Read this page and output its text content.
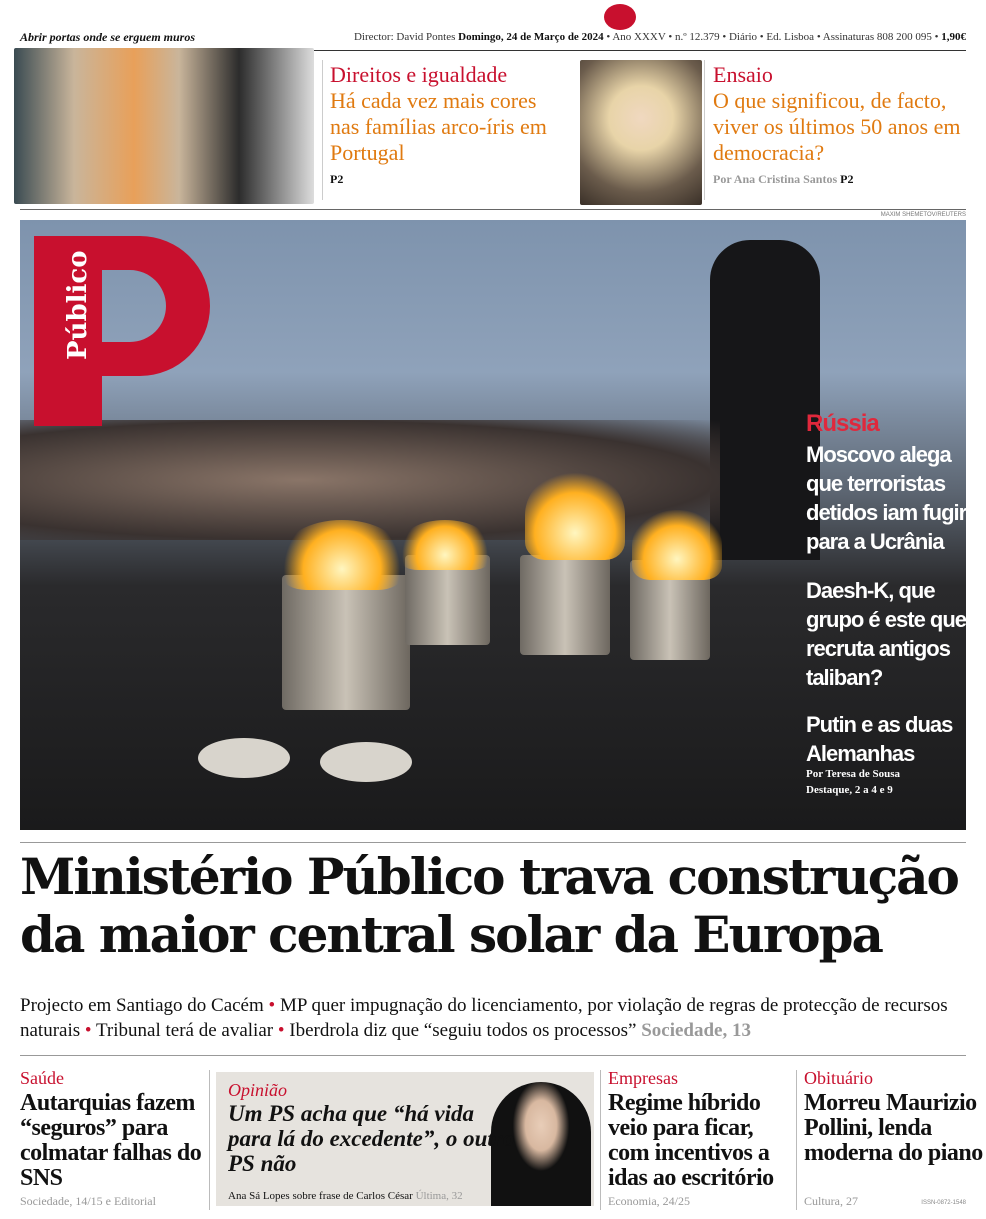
Abrir portas onde se erguem muros	Director: David Pontes Domingo, 24 de Março de 2024 • Ano XXXV • n.º 12.379 • Diário • Ed. Lisboa • Assinaturas 808 200 095 • 1,90€
Direitos e igualdade
Há cada vez mais cores nas famílias arco-íris em Portugal
P2
Ensaio
O que significou, de facto, viver os últimos 50 anos em democracia?
Por Ana Cristina Santos P2
MAXIM SHEMETOV/REUTERS
Público
Rússia
Moscovo alega que terroristas detidos iam fugir para a Ucrânia
Daesh-K, que grupo é este que recruta antigos taliban?
Putin e as duas Alemanhas
Por Teresa de Sousa
Destaque, 2 a 4 e 9
Ministério Público trava construção da maior central solar da Europa
Projecto em Santiago do Cacém • MP quer impugnação do licenciamento, por violação de regras de protecção de recursos naturais • Tribunal terá de avaliar • Iberdrola diz que “seguiu todos os processos” Sociedade, 13
Saúde
Autarquias fazem “seguros” para colmatar falhas do SNS
Sociedade, 14/15 e Editorial
Opinião
Um PS acha que “há vida para lá do excedente”, o outro PS não
Ana Sá Lopes sobre frase de Carlos César Última, 32
Empresas
Regime híbrido veio para ficar, com incentivos a idas ao escritório
Economia, 24/25
Obituário
Morreu Maurizio Pollini, lenda moderna do piano
Cultura, 27	ISSN-0872-1548
